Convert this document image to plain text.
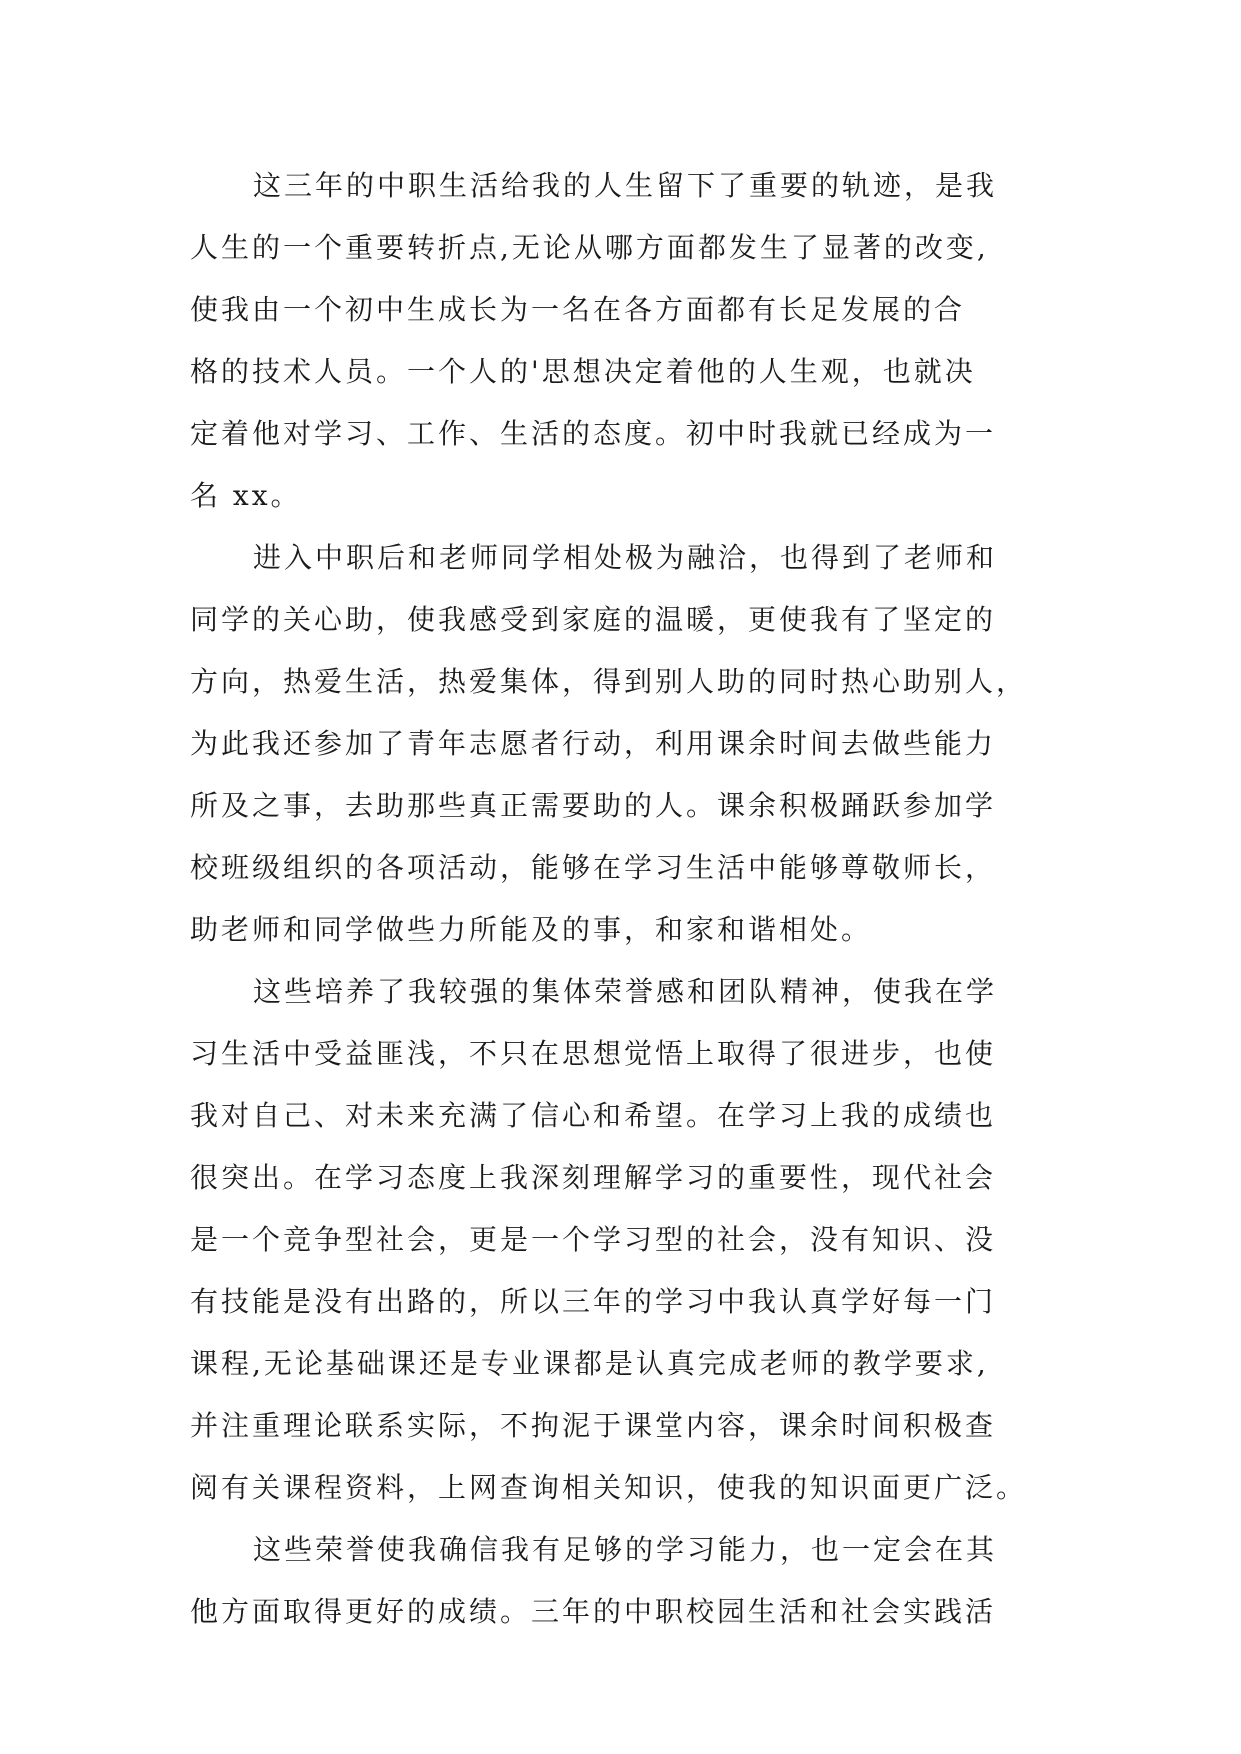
这三年的中职生活给我的人生留下了重要的轨迹，是我
人生的一个重要转折点,无论从哪方面都发生了显著的改变,
使我由一个初中生成长为一名在各方面都有长足发展的合
格的技术人员。一个人的'思想决定着他的人生观，也就决
定着他对学习、工作、生活的态度。初中时我就已经成为一
名 xx。
进入中职后和老师同学相处极为融洽，也得到了老师和
同学的关心助，使我感受到家庭的温暖，更使我有了坚定的
方向，热爱生活，热爱集体，得到别人助的同时热心助别人，
为此我还参加了青年志愿者行动，利用课余时间去做些能力
所及之事，去助那些真正需要助的人。课余积极踊跃参加学
校班级组织的各项活动，能够在学习生活中能够尊敬师长，
助老师和同学做些力所能及的事，和家和谐相处。
这些培养了我较强的集体荣誉感和团队精神，使我在学
习生活中受益匪浅，不只在思想觉悟上取得了很进步，也使
我对自己、对未来充满了信心和希望。在学习上我的成绩也
很突出。在学习态度上我深刻理解学习的重要性，现代社会
是一个竞争型社会，更是一个学习型的社会，没有知识、没
有技能是没有出路的，所以三年的学习中我认真学好每一门
课程,无论基础课还是专业课都是认真完成老师的教学要求,
并注重理论联系实际，不拘泥于课堂内容，课余时间积极查
阅有关课程资料，上网查询相关知识，使我的知识面更广泛。
这些荣誉使我确信我有足够的学习能力，也一定会在其
他方面取得更好的成绩。三年的中职校园生活和社会实践活
